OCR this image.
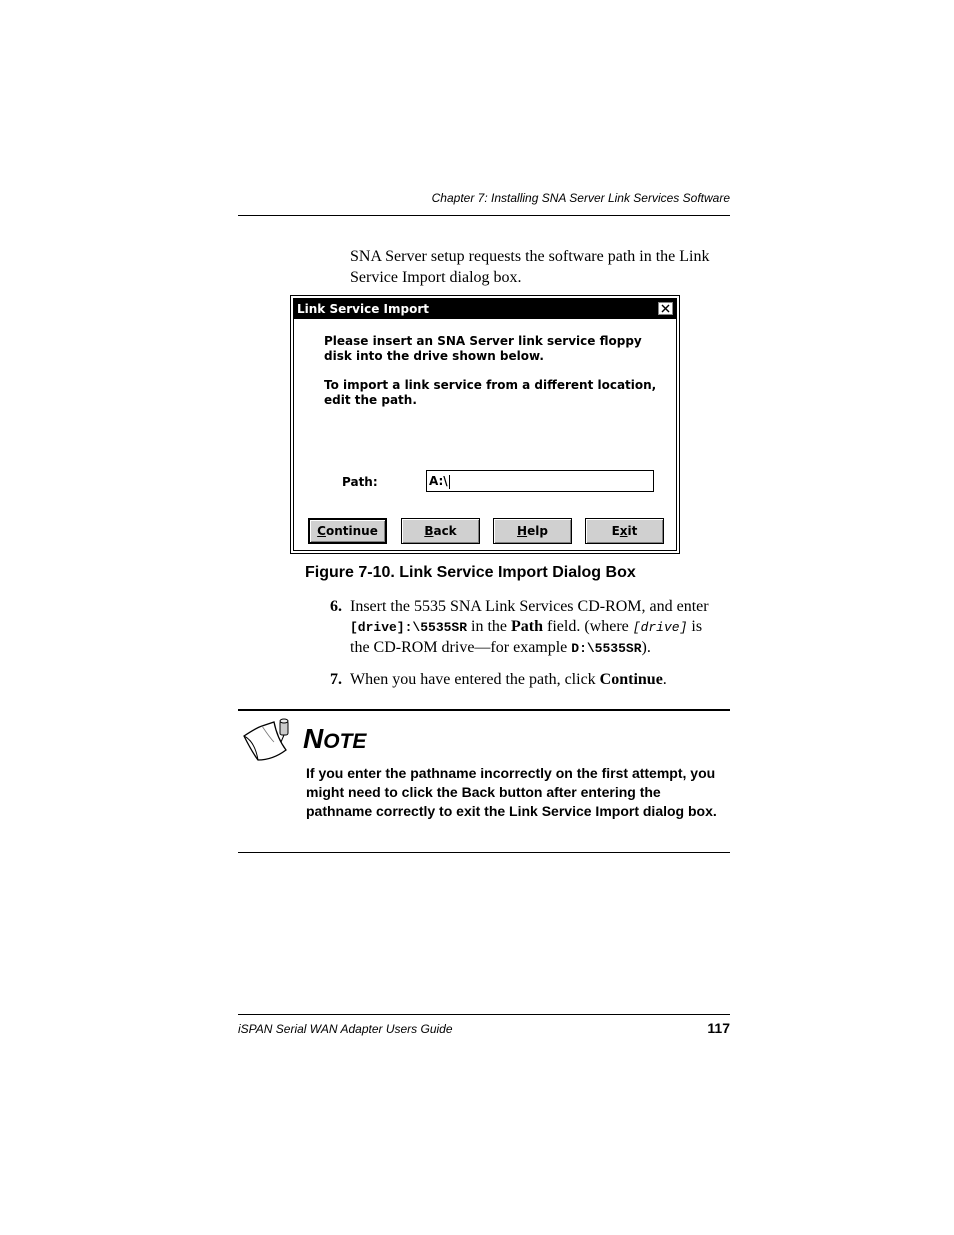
Chapter 7: Installing SNA Server Link Services Software
SNA Server setup requests the software path in the Link Service Import dialog box.
Link Service Import
Please insert an SNA Server link service floppy
disk into the drive shown below.
To import a link service from a different location,
edit the path.
Path:	A:\
Continue	Back	Help	Exit
Figure 7-10. Link Service Import Dialog Box
6. Insert the 5535 SNA Link Services CD-ROM, and enter
[drive]:\5535SR in the Path field. (where [drive] is
the CD-ROM drive—for example D:\5535SR).
7. When you have entered the path, click Continue.
NOTE
If you enter the pathname incorrectly on the first attempt, you might need to click the Back button after entering the pathname correctly to exit the Link Service Import dialog box.
iSPAN Serial WAN Adapter Users Guide	117
